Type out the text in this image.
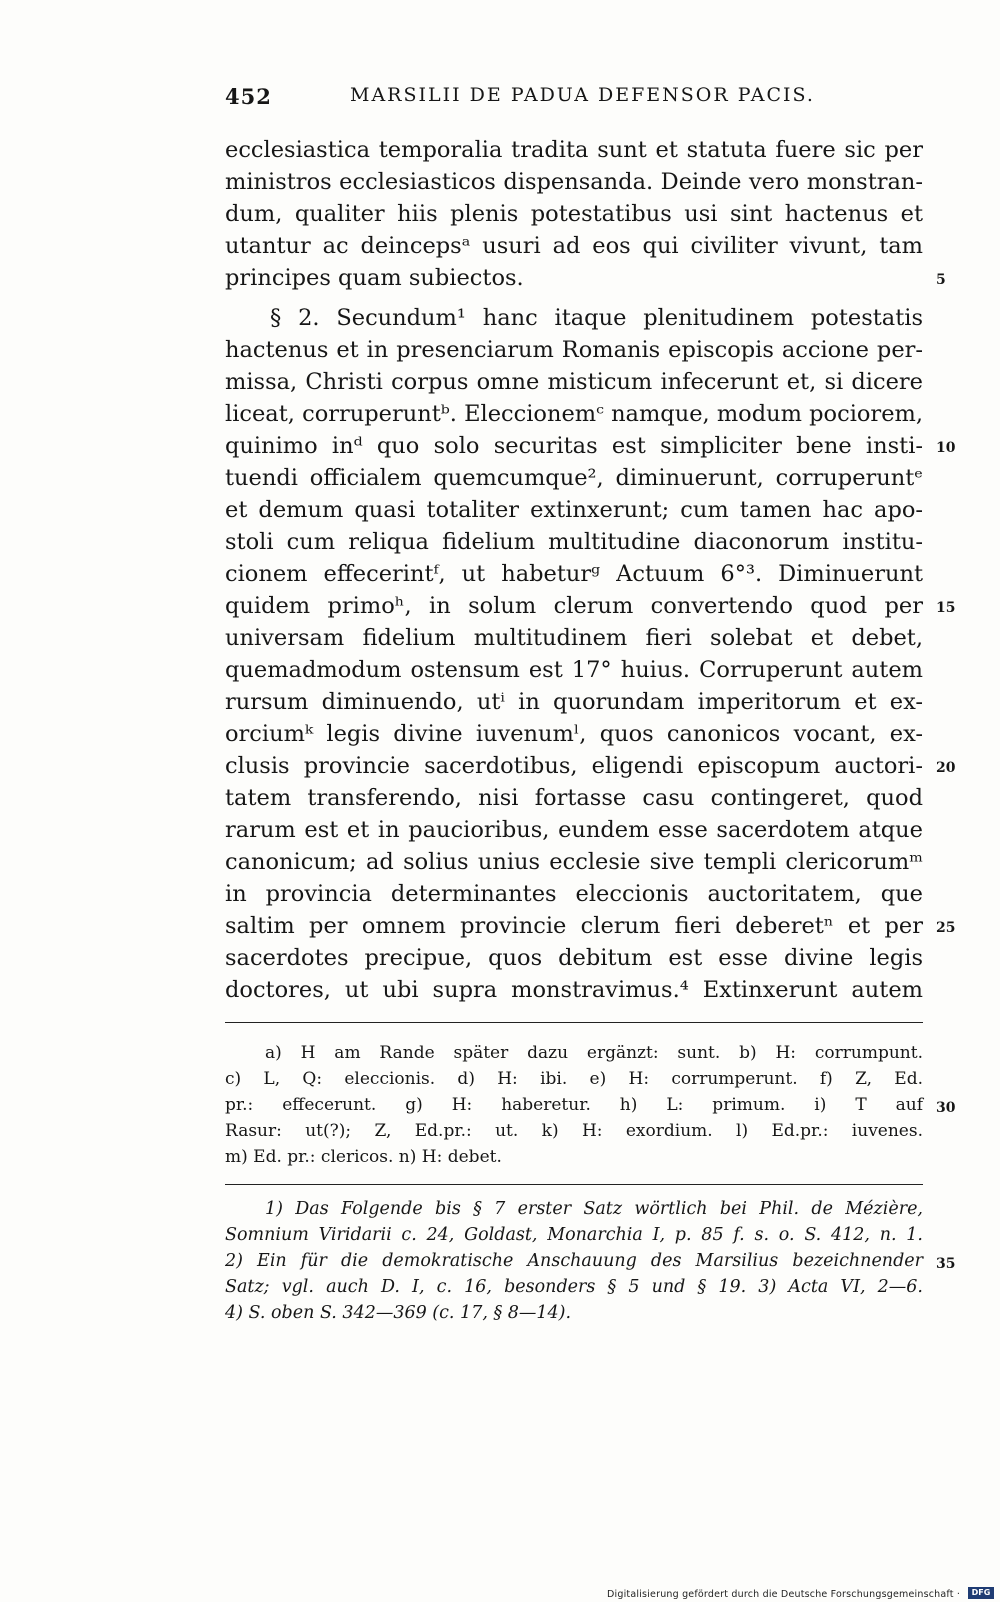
452	MARSILII DE PADUA DEFENSOR PACIS.
ecclesiastica temporalia tradita sunt et statuta fuere sic per
ministros ecclesiasticos dispensanda. Deinde vero monstran-
dum, qualiter hiis plenis potestatibus usi sint hactenus et
utantur ac deincepsᵃ usuri ad eos qui civiliter vivunt, tam
principes quam subiectos.
§ 2. Secundum¹ hanc itaque plenitudinem potestatis
hactenus et in presenciarum Romanis episcopis accione per-
missa, Christi corpus omne misticum infecerunt et, si dicere
liceat, corruperuntᵇ. Eleccionemᶜ namque, modum pociorem,
quinimo inᵈ quo solo securitas est simpliciter bene insti-
tuendi officialem quemcumque², diminuerunt, corruperuntᵉ
et demum quasi totaliter extinxerunt; cum tamen hac apo-
stoli cum reliqua fidelium multitudine diaconorum institu-
cionem effecerintᶠ, ut habeturᵍ Actuum 6°³. Diminuerunt
quidem primoʰ, in solum clerum convertendo quod per
universam fidelium multitudinem fieri solebat et debet,
quemadmodum ostensum est 17° huius. Corruperunt autem
rursum diminuendo, utⁱ in quorundam imperitorum et ex-
orciumᵏ legis divine iuvenumˡ, quos canonicos vocant, ex-
clusis provincie sacerdotibus, eligendi episcopum auctori-
tatem transferendo, nisi fortasse casu contingeret, quod
rarum est et in paucioribus, eundem esse sacerdotem atque
canonicum; ad solius unius ecclesie sive templi clericorumᵐ
in provincia determinantes eleccionis auctoritatem, que
saltim per omnem provincie clerum fieri deberetⁿ et per
sacerdotes precipue, quos debitum est esse divine legis
doctores, ut ubi supra monstravimus.⁴ Extinxerunt autem
5
10
15
20
25
30
35
a) H am Rande später dazu ergänzt: sunt. b) H: corrumpunt.
c) L, Q: eleccionis. d) H: ibi. e) H: corrumperunt. f) Z, Ed.
pr.: effecerunt. g) H: haberetur. h) L: primum. i) T auf
Rasur: ut(?); Z, Ed.pr.: ut. k) H: exordium. l) Ed.pr.: iuvenes.
m) Ed. pr.: clericos. n) H: debet.
1) Das Folgende bis § 7 erster Satz wörtlich bei Phil. de Mézière,
Somnium Viridarii c. 24, Goldast, Monarchia I, p. 85 f. s. o. S. 412, n. 1.
2) Ein für die demokratische Anschauung des Marsilius bezeichnender
Satz; vgl. auch D. I, c. 16, besonders § 5 und § 19. 3) Acta VI, 2—6.
4) S. oben S. 342—369 (c. 17, § 8—14).
Digitalisierung gefördert durch die Deutsche Forschungsgemeinschaft ·	DFG
